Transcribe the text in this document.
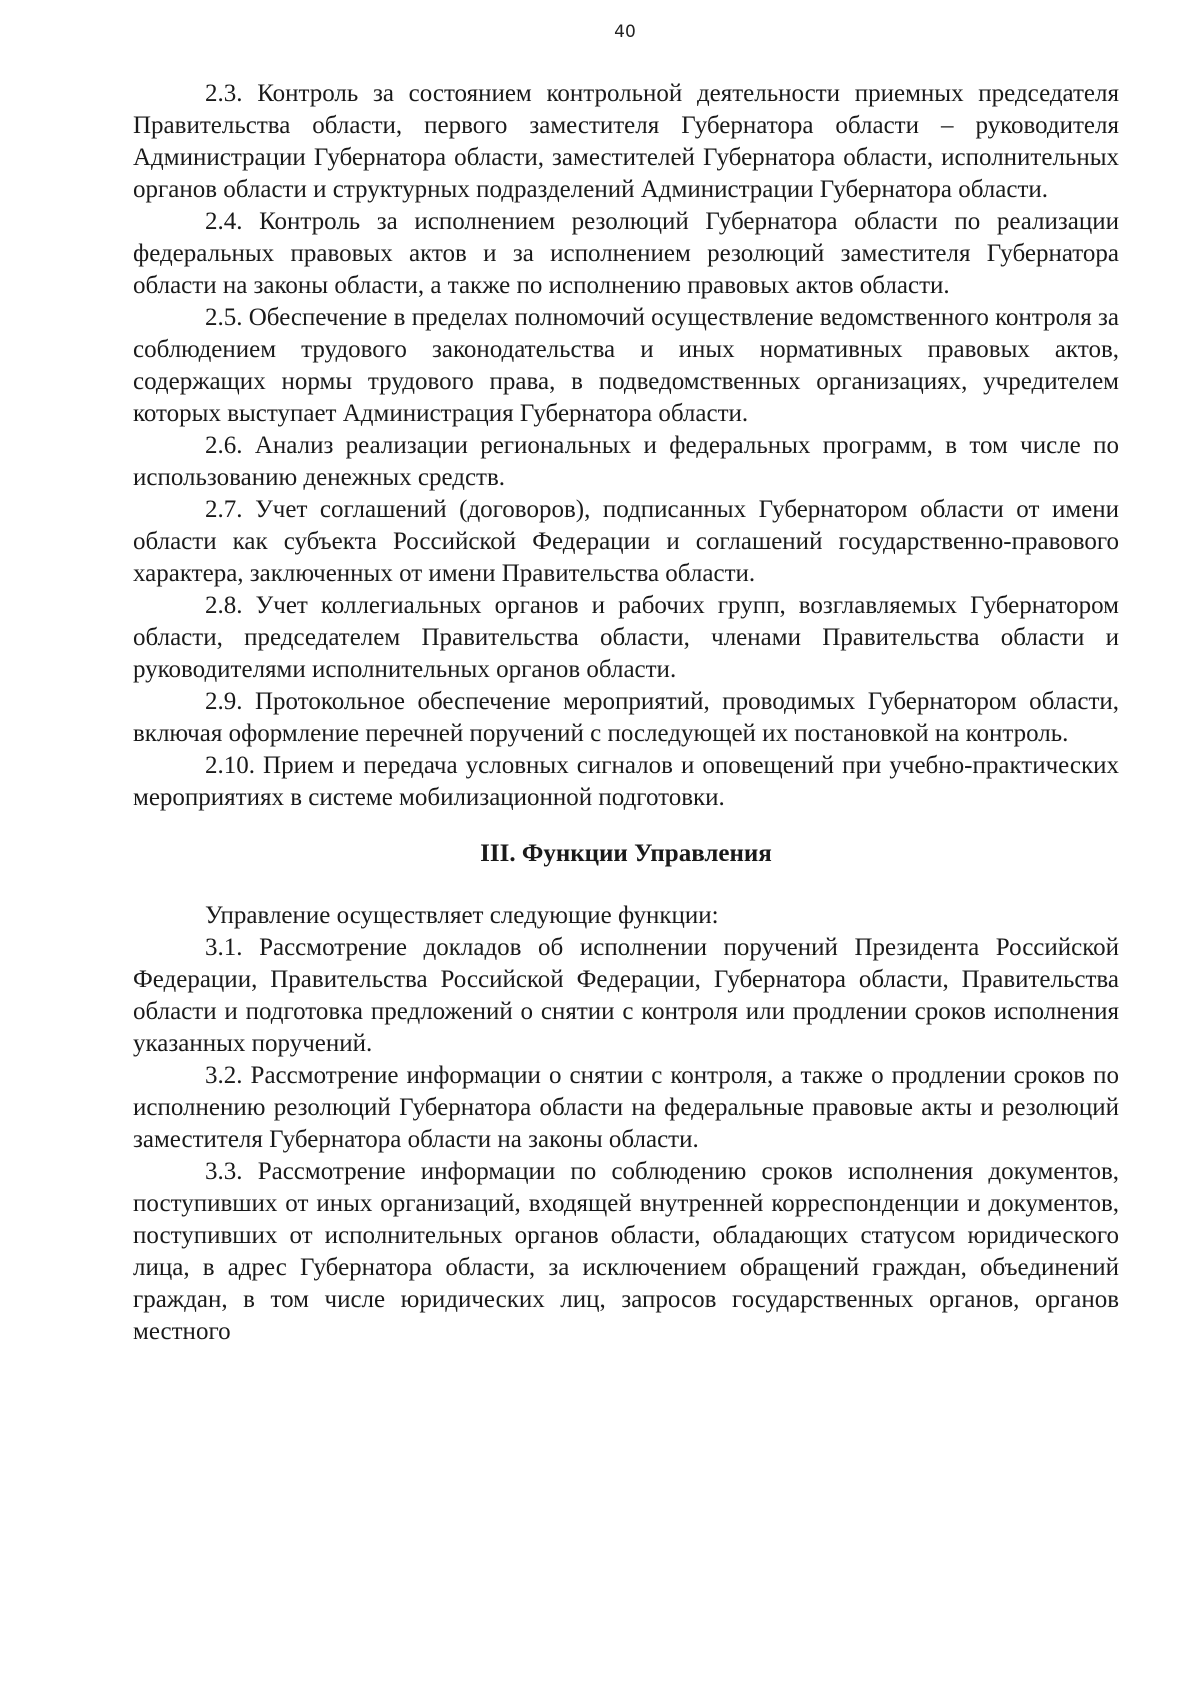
40

2.3. Контроль за состоянием контрольной деятельности приемных председателя Правительства области, первого заместителя Губернатора области – руководителя Администрации Губернатора области, заместителей Губернатора области, исполнительных органов области и структурных подразделений Администрации Губернатора области.

2.4. Контроль за исполнением резолюций Губернатора области по реализации федеральных правовых актов и за исполнением резолюций заместителя Губернатора области на законы области, а также по исполнению правовых актов области.

2.5. Обеспечение в пределах полномочий осуществление ведомственного контроля за соблюдением трудового законодательства и иных нормативных правовых актов, содержащих нормы трудового права, в подведомственных организациях, учредителем которых выступает Администрация Губернатора области.

2.6. Анализ реализации региональных и федеральных программ, в том числе по использованию денежных средств.

2.7. Учет соглашений (договоров), подписанных Губернатором области от имени области как субъекта Российской Федерации и соглашений государственно-правового характера, заключенных от имени Правительства области.

2.8. Учет коллегиальных органов и рабочих групп, возглавляемых Губернатором области, председателем Правительства области, членами Правительства области и руководителями исполнительных органов области.

2.9. Протокольное обеспечение мероприятий, проводимых Губернатором области, включая оформление перечней поручений с последующей их постановкой на контроль.

2.10. Прием и передача условных сигналов и оповещений при учебно-практических мероприятиях в системе мобилизационной подготовки.

III. Функции Управления

Управление осуществляет следующие функции:

3.1. Рассмотрение докладов об исполнении поручений Президента Российской Федерации, Правительства Российской Федерации, Губернатора области, Правительства области и подготовка предложений о снятии с контроля или продлении сроков исполнения указанных поручений.

3.2. Рассмотрение информации о снятии с контроля, а также о продлении сроков по исполнению резолюций Губернатора области на федеральные правовые акты и резолюций заместителя Губернатора области на законы области.

3.3. Рассмотрение информации по соблюдению сроков исполнения документов, поступивших от иных организаций, входящей внутренней корреспонденции и документов, поступивших от исполнительных органов области, обладающих статусом юридического лица, в адрес Губернатора области, за исключением обращений граждан, объединений граждан, в том числе юридических лиц, запросов государственных органов, органов местного
